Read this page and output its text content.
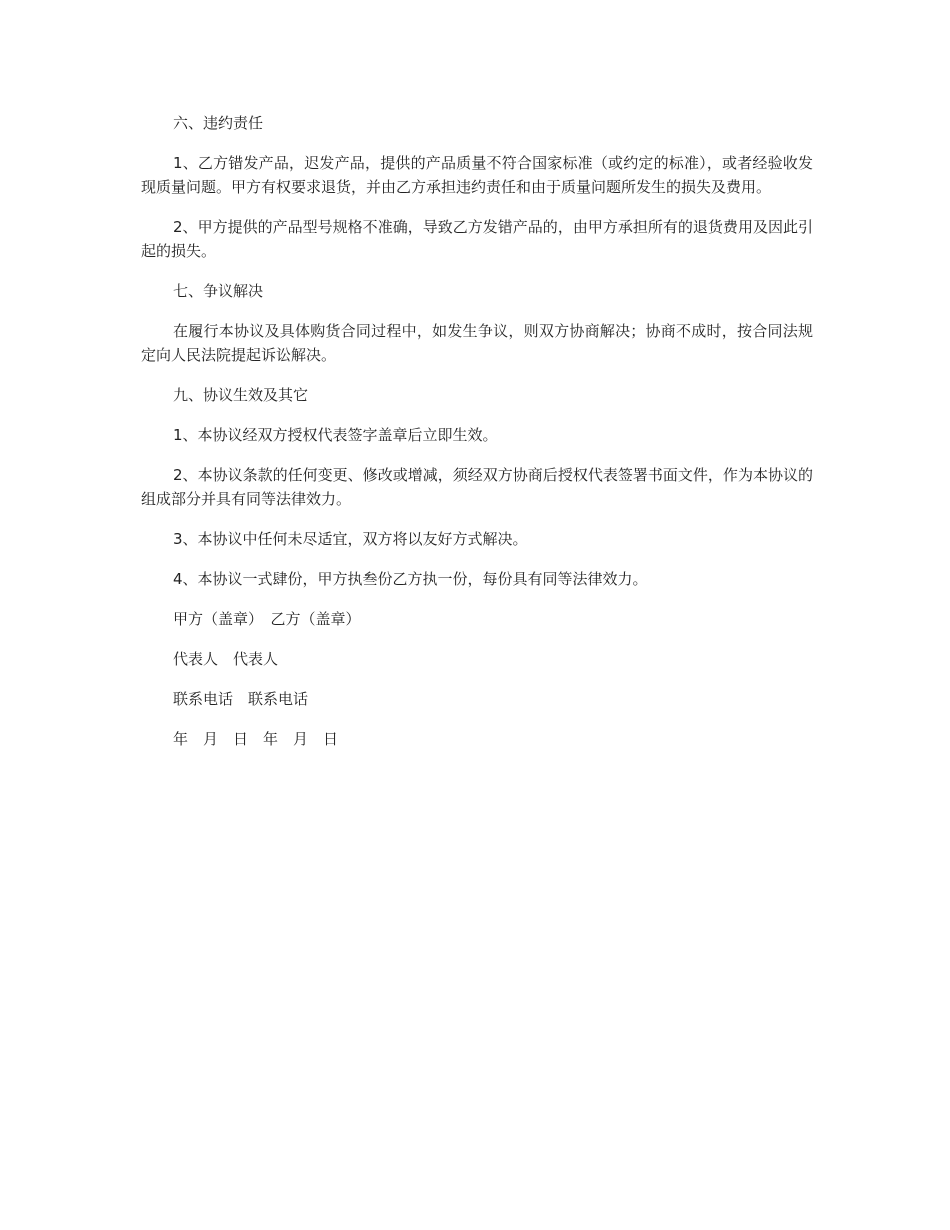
六、违约责任

1、乙方错发产品，迟发产品，提供的产品质量不符合国家标准（或约定的标准），或者经验收发现质量问题。甲方有权要求退货，并由乙方承担违约责任和由于质量问题所发生的损失及费用。

2、甲方提供的产品型号规格不准确，导致乙方发错产品的，由甲方承担所有的退货费用及因此引起的损失。

七、争议解决

在履行本协议及具体购货合同过程中，如发生争议，则双方协商解决；协商不成时，按合同法规定向人民法院提起诉讼解决。

九、协议生效及其它

1、本协议经双方授权代表签字盖章后立即生效。

2、本协议条款的任何变更、修改或增减，须经双方协商后授权代表签署书面文件，作为本协议的组成部分并具有同等法律效力。

3、本协议中任何未尽适宜，双方将以友好方式解决。

4、本协议一式肆份，甲方执叁份乙方执一份，每份具有同等法律效力。

甲方（盖章）　乙方（盖章）

代表人　代表人

联系电话　联系电话

年　月　日　年　月　日
